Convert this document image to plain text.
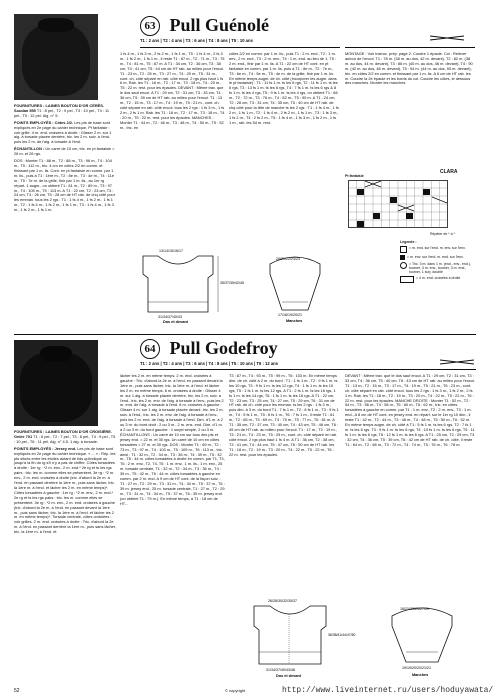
63 Pull Guénolé
T1 : 2 ans | T2 : 4 ans | T3 : 6 ans | T4 : 8 ans | T5 : 10 ans

FOURNITURES : LAINES BOUTON D'OR CÉRÈS. Soudan 555 T1 : 8 pel., T2 : 9 pel., T3 : 10 pel., T4 : 11 pel., T5 : 12 pel. Aig. n° 5.

POINTS EMPLOYÉS : Côtes 2/2. Les pts de base sont expliqués en 2e page du cahier technique. Pt fantaisie : voir grille. 4 m. end. croisées à droite : Glisser 2 m. sur 1 aig. à torsade placée derrière, tric. les 2 m. suiv. à l'end. puis les 2 m. de l'aig. à torsade à l'end.

ÉCHANTILLON : Un carré de 10 cm, tric. en pt fantaisie = 26 m. et 26 rgs.

DOS : Monter T1 : 88 m., T2 : 88 m., T3 : 96 m., T4 : 104 m., T5 : 112 m., tric. 4 cm en côtes 2/2 en comm. et finissant par 1 m. lis. Cont. en pt fantaisie en comm. par 1 m. lis., puis à T1 : 1ère m., T2 : 8e m., T3 : 4e m., T4 : 11e m., T5 : 7e m. de la grille, finir par 1 m. lis., au 1er rg répart. 1 augm., on obtient T1 : 81 m., T2 : 89 m., T3 : 97 m., T4 : 105 m., T5 : 113 m. A T1 : 22 cm, T2 : 23 cm, T3 : 24 cm, T4 : 26 cm, T5 : 28 cm de HT rab. de chq côté pour les emman. tous les 2 rgs : T1 : 1 fs 4 m., 1 fs 2 m., 1 fs 1 m., T2 : 1 fs 4 m., 1 fs 2 m., 1 fs 1 m., T3 : 1 fs 4 m., 1 fs 3 m., 1 fs 2 m., 1 fs 1 m.

1 fs 4 m., 1 fs 3 m., 2 fs 2 m., 1 fs 1 m., T5 : 1 fs 4 m., 2 fs 3 m., 1 fs 2 m., 1 fs 1 m., il reste T1 : 67 m., T2 : 71 m., T3 : 75 m., T4 : 81 m., T5 : 87 m. A T1 : 34 cm, T2 : 36 cm, T3 : 38 cm, T4 : 41 cm, T5 : 44 cm de HT rab. au milieu pour l'encol. T1 : 23 m., T2 : 25 m., T3 : 27 m., T4 : 29 m., T5 : 31 m., cont. ch. côté séparé en rab. côté encol. 2 rgs plus haut 1 fs 6 m. Rab. les T1 : 16 m., T2 : 17 m., T3 : 18 m., T4 : 20 m., T5 : 22 m. rest. pour les épaules. DEVANT : Même trav. que le dos sauf encol. A T1 : 29 cm, T2 : 31 cm, T3 : 33 cm, T4 : 36 cm, T5 : 39 cm de HT rab. au milieu pour l'encol. T1 : 13 m., T2 : 15 m., T3 : 17 m., T4 : 19 m., T5 : 21 m., cont. ch. côté séparé en rab. côté encol. tous les 2 rgs : 1 fs 3 m., 1 fs 2 m., 2 fs 1 m. Rab. les T1 : 16 m., T2 : 17 m., T3 : 18 m., T4 : 20 m., T5 : 22 m. rest. pour les épaules. MANCHES : Monter T1 : 44 m., T2 : 46 m., T3 : 48 m., T4 : 50 m., T5 : 52 m., tric. en

côtes 2/2 en comm. par 1 m. lis., puis T1 : 2 m. end., T2 : 1 m. env., 2 m. end., T3 : 2 m. env., T4 : 1 m. end. au lieu de 1, T5 : 2 m. end., finir par 1 m. lis. A T1 : 22 cm de HT cont. en pt fantaisie en comm. par 1 m. lis. puis à T1 : 8e m., T2 : 7e m., T3 : 6e m., T4 : 5e m., T5 : 4e m. de la grille, finir par 1 m. lis. En même temps augm. de ch. côté (incorporer les augm. dans le pt fantaisie) : T1 : 11 fs 1 m. ts les 6 rgs, T2 : 11 fs 1 m. ts les 6 rgs, T3 : 13 fs 1 m. ts les 6 rgs, T4 : 7 fs 1 m. ts les 6 rgs & 8 fs 1 m. ts les 4 rgs, T5 : 9 fs 1 m. ts les 4 rgs, on obtient T1 : 66 m., T2 : 72 m., T3 : 76 m., T4 : 82 m., T5 : 90 m. A T1 : 24 cm, T2 : 26 cm, T3 : 31 cm, T4 : 35 cm, T5 : 40 cm de HT rab. de chq côté pour la tête de manche ts les 2 rgs : T1 : 1 fs 4 m., 1 fs 2 m., 1 fs 1 m., T2 : 1 fs 4 m., 2 fs 2 m., 1 fs 1 m., T3 : 1 fs 3 m., 1 fs 2 m., T4 : 2 fs 2 m., T5 : 1 fs 4 m., 1 fs 3 m., 1 fs 2 m., 1 fs 1 m., rab. les 54 m. rest.

MONTAGE : Voir instruc. prép. page 2. Coudre 1 épaule. Col : Relever autour de l'encol. T1 : 78 m. (38 m. au dos, 42 m. devant), T2 : 82 m. (38 m. au dos, 44 m. devant), T3 : 86 m. (40 m. au dos, 46 m. devant), T4 : 90 m. (42 m. au dos, 48 m. devant), T5 : 94 m. (44 m. au dos, 50 m. devant), tric. en côtes 2/2 en comm. et finissant par 1 m. lis. A 6 cm de HT rab. les m. Coudre la 2e épaule et les bords du col. Coudre les côtes, le dessous des manches. Monter les manches.

Pt fantaisie
CLARA
Répéter de * à *
Légende :
= m. end. sur l'end. m. env. sur l'env.
= m. env. sur l'end. m. end. sur l'env.
= Tric. 3 m. dans 1 m. (end., env., end.), tourner, 3 m. env., tourner, 3 m. end., tourner, 1 surj. double
= 4 m. end. croisées à droite
13/14/15/16/17
35/37/39/42/45
31/34/37/40/43
Dos et devant
20/21/22/23/23
17/18/19/20/21
Manches
64 Pull Godefroy
T1 : 2 ans | T2 : 4 ans | T3 : 6 ans | T4 : 8 ans | T5 : 10 ans | T6 : 12 ans

FOURNITURES : LAINES BOUTON D'OR CROISIÈRE. Gelée 701 T1 : 6 pel., T2 : 7 pel., T3 : 8 pel., T4 : 9 pel., T5 : 10 pel., T6 : 11 pel. Aig. n° 4.5. 1 aig. à torsade.

POINTS EMPLOYÉS : Jersey end. Les pts de base sont expliqués en 2e page du cahier technique. « ... » : Rép. les pts situés entre les étoiles autant de fois qu'indiqué ou jusqu'à la fin du rg s'il n'y a pas de chiffre. Côtes torsadées à droite : 1er rg : *2 m. env., 2 m. end.* 2e rg et ts les rgs pairs : tric. les m. comme elles se présentent. 3e rg : *2 m. env., 2 m. end. croisées à droite (tric. d'abord la 2e m. à l'end. en passant derrière la 1ère m., puis sans lâcher, tric. la 1ère m. à l'end. et lâcher les 2 m. en même temps)*. Côtes torsadées à gauche : 1er rg : *2 m. env., 2 m. end.* 2e rg et ts les rgs pairs : tric. les m. comme elles se présentent. 3e rg : *2 m. env., 2 m. end. croisées à gauche (tric. d'abord la 2e m. à l'end. en passant devant la 1ère m., puis sans lâcher, tric. la 1ère m. à l'end. et lâcher les 2 m. en même temps)*. Torsade centrale, côtes ondulées : voir grilles. 2 m. end. croisées à droite : Tric. d'abord la 2e m. à l'end. en passant derrière la 1ère m., puis sans lâcher, tric. la 1ère m. à l'end. et

lâcher les 2 m. en même temps. 2 m. end. croisées à gauche : Tric. d'abord la 2e m. à l'end. en passant devant la 1ère m., puis sans lâcher, tric. la 1ère m. à l'end. et lâcher les 2 m. en même temps. 6 m. croisées à droite : Glisser 4 m. sur 1 aig. à torsade placée derrière, tric. les 2 m. suiv. à l'end., tric. les 2 m. env. de l'aig. à torsade à l'env., puis les 2 m. end. de l'aig. à torsade à l'end. 6 m. croisées à gauche : Glisser 4 m. sur 1 aig. à torsade placée devant, tric. les 2 m. suiv. à l'end., tric. les 2 m. env. de l'aig. à torsade à l'env., puis les 2 m. end. de l'aig. à torsade à l'end. Dim. d'1 m. à 2 ou 3 m. du bord droit : 2 ou 3 m., 2 m. ens. end. Dim. d'1 m. à 2 ou 3 m. du bord gauche : 1 surjet simple, 2 ou 3 m. ÉCHANTILLONS : Un carré de 10 cm sur tous des pts et jersey end. = 22 m. et 30 rgs. Un carré de 10 cm en côtes torsadées = 27 m. et 30 rgs. DOS : Monter T1 : 69 m., T2 : 73 m., T3 : 97 m., T4 : 103 m., T5 : 109 m., T6 : 113 m., tric. ainsi : T1 : 32 m., T2 : 34 m., T3 : 36 m., T4 : 39 m., T5 : 42 m., T6 : 44 m. côtes torsadées à droite en comm. par T1, T3, T6 : 2 m. env., T2, T4, T5 : 1 m. env., 1 m. lis., 1 m. env., 25 m. torsade centrale, T1 : 32 m., T2 : 34 m., T3 : 36 m., T4 : 39 m., T5 : 42 m., T6 : 44 m. côtes torsadées à gauche en comm. par 2 m. end. A 9 cm de HT cont. de la façon suiv. : T1 : 27 m., T2 : 29 m., T3 : 31 m., T4 : 34 m., T5 : 37 m., T6 : 39 m. jersey end., 25 m. torsade centrale, T1 : 27 m., T2 : 29 m., T3 : 31 m., T4 : 34 m., T5 : 37 m., T6 : 39 m. jersey end. (on obtient T1 : 79 m.). En même temps, à T1 : 18 cm de HT...

T3 : 87 m., T4 : 93 m., T5 : 99 m., T6 : 103 m. En même temps dim. de ch. côté à 2 m. du bord : T1 : 1 fs 1 m., T2 : 9 fs 1 m. ts les 10 rgs, T3 : 9 fs 1 m. ts les 12 rgs, T4 : 1 fs 1 m. ts les 10 rgs, T5 : 1 fs 1 m. ts les 12 rgs. A T1 : 2 fs 1 m. ts les 16 rgs, 1 fs 1 m. ts les 14 rgs, T6 : 1 fs 1 m. ts les 16 rgs. A T1 : 22 cm, T2 : 23 cm, T3 : 25 cm, T4 : 27 cm, T5 : 29 cm, T6 : 31 cm de HT rab. de ch. côté pour les emman. ts les 2 rgs : 1 fs 3 m., puis dim. à 3 m. du bord T1 : 7 fs 1 m., T2 : 8 fs 1 m., T3 : 9 fs 1 m., T4 : 5 fs 1 m., T5 : 6 fs 1 m., T6 : 7 fs 1 m., il reste T1 : 61 m., T2 : 65 m., T3 : 69 m., T4 : 75 m., T5 : 77 m., T6 : 81 m. A T1 : 35 cm, T2 : 37 cm, T3 : 40 cm, T4 : 43 cm, T5 : 46 cm, T6 : 49 cm de HT rab. au milieu pour l'encol. T1 : 17 m., T2 : 19 m., T3 : 21 m., T4 : 23 m., T5 : 25 m., cont. ch. côté séparé en rab. côté encol. 2 rgs plus haut 1 fs 4 m. A T1 : 36 cm, T2 : 38 cm, T3 : 41 cm, T4 : 44 cm, T5 : 47 cm, T6 : 50 cm de HT rab. les T1 : 18 m., T2 : 19 m., T3 : 20 m., T4 : 22 m., T5 : 22 m., T6 : 22 m. rest. pour les épaules.

DEVANT : Même trav. que le dos sauf encol. A T1 : 29 cm, T2 : 31 cm, T3 : 33 cm, T4 : 36 cm, T5 : 40 cm, T6 : 43 cm de HT rab. au milieu pour l'encol. T1 : 13 m., T2 : 15 m., T3 : 17 m., T4 : 19 m., T5 : 21 m., T6 : 23 m., cont. ch. côté séparé en rab. côté encol. tous les 2 rgs : 1 fs 3 m., 1 fs 2 m., 2 fs 1 m. Rab. les T1 : 18 m., T2 : 19 m., T3 : 20 m., T4 : 22 m., T5 : 22 m., T6 : 22 m. rest. pour les épaules. MANCHE DROITE : Monter T1 : 52 m., T2 : 54 m., T3 : 56 m., T4 : 58 m., T5 : 60 m., T6 : 62 m., tric. en côtes torsadées à gauche en comm. par T1 : 1 m. env., T2 : 2 m. env., T3 : 1 m. end., A 8 cm de HT cont. en jersey end. en répart. sur le 1er rg 10 dim., il reste T1 : 42 m., T2 : 44 m., T3 : 46 m., T4 : 48 m., T5 : 50 m., T6 : 52 m. En même temps augm. de ch. côté à T1 : 5 fs 1 m. ts les 6 rgs, T2 : 7 fs 1 m. ts les 6 rgs, T3 : 9 fs 1 m. ts les 6 rgs, T4 : 10 fs 1 m. ts les 6 rgs, T5 : 11 fs 1 m. ts les 6 rgs, T6 : 12 fs 1 m. ts les 6 rgs. A T1 : 25 cm, T2 : 29 cm, T3 : 32 cm, T4 : 36 cm, T5 : 39 cm, T6 : 42 cm de HT rab. de ch. côté, il reste T1 : 64 m., T2 : 68 m., T3 : 72 m., T4 : 74 m., T5 : 76 m., T6 : 78 m.

26/28/30/32/35/37
36/38/41/44/47/50
31/34/37/40/43/46
Dos et devant
18/21/23/25/27/29
19/19/20/20/21/21
Manches
52	© copyright	http://www.liveinternet.ru/users/hoduyawata/
